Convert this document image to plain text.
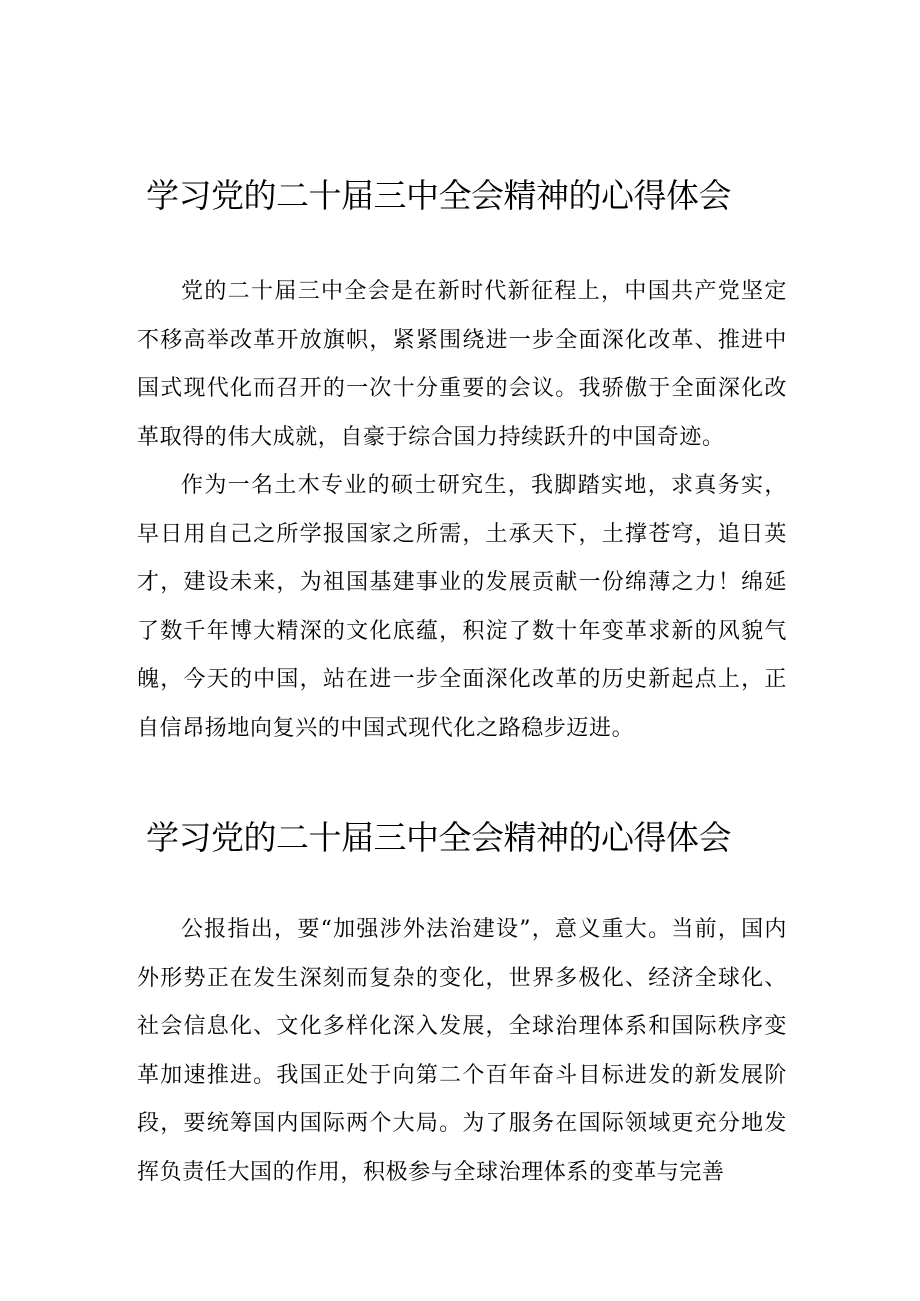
学习党的二十届三中全会精神的心得体会

党的二十届三中全会是在新时代新征程上，中国共产党坚定不移高举改革开放旗帜，紧紧围绕进一步全面深化改革、推进中国式现代化而召开的一次十分重要的会议。我骄傲于全面深化改革取得的伟大成就，自豪于综合国力持续跃升的中国奇迹。

作为一名土木专业的硕士研究生，我脚踏实地，求真务实，早日用自己之所学报国家之所需，土承天下，土撑苍穹，追日英才，建设未来，为祖国基建事业的发展贡献一份绵薄之力！绵延了数千年博大精深的文化底蕴，积淀了数十年变革求新的风貌气魄，今天的中国，站在进一步全面深化改革的历史新起点上，正自信昂扬地向复兴的中国式现代化之路稳步迈进。

学习党的二十届三中全会精神的心得体会

公报指出，要“加强涉外法治建设”，意义重大。当前，国内外形势正在发生深刻而复杂的变化，世界多极化、经济全球化、社会信息化、文化多样化深入发展，全球治理体系和国际秩序变革加速推进。我国正处于向第二个百年奋斗目标进发的新发展阶段，要统筹国内国际两个大局。为了服务在国际领域更充分地发挥负责任大国的作用，积极参与全球治理体系的变革与完善
